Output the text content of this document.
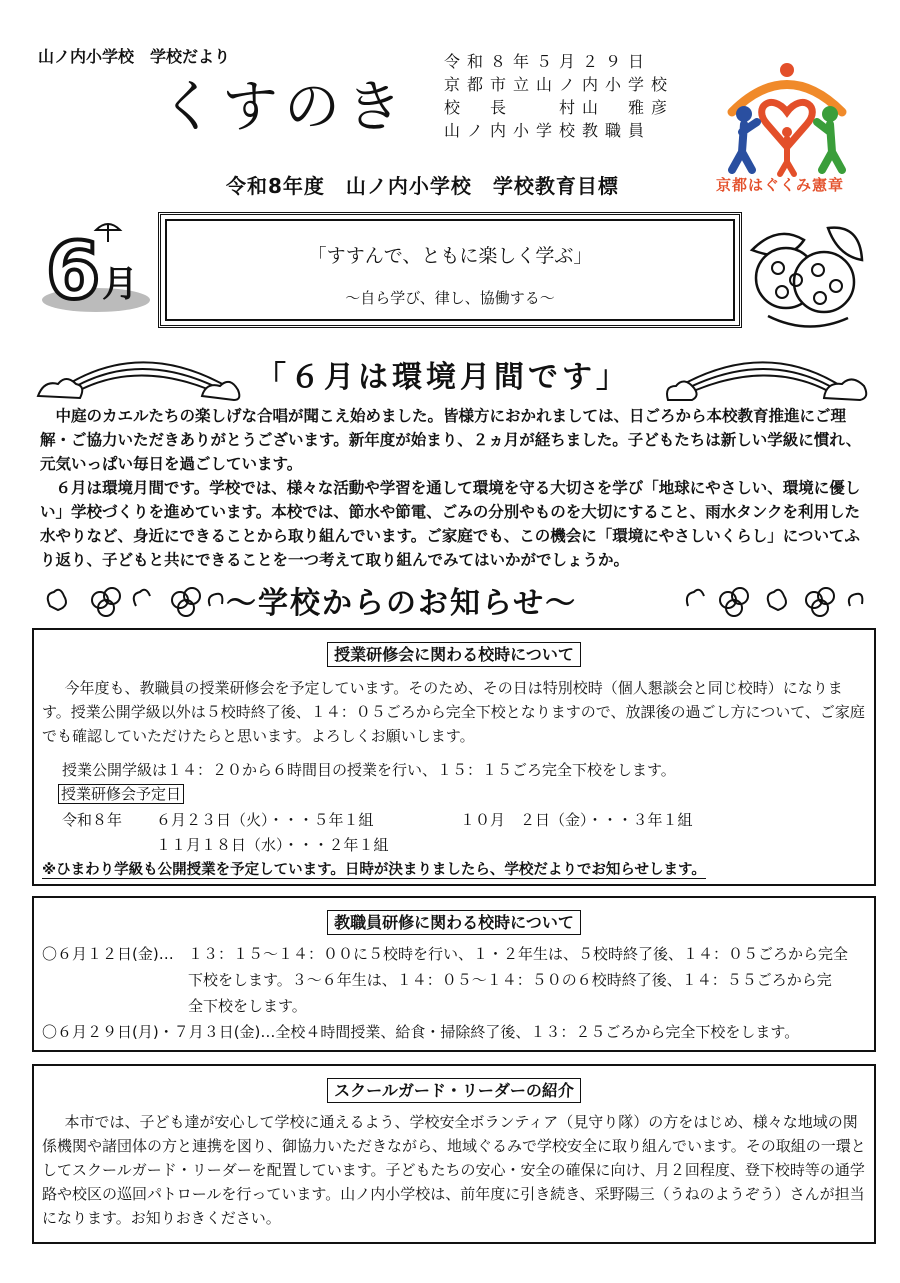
山ノ内小学校　学校だより
くすのき
令和８年５月２９日
京都市立山ノ内小学校
校　長　　村山　雅彦
山ノ内小学校教職員
京都はぐくみ憲章
令和8年度　山ノ内小学校　学校教育目標
6 月
「すすんで、ともに楽しく学ぶ」
～自ら学び、律し、協働する～
「６月は環境月間です」
中庭のカエルたちの楽しげな合唱が聞こえ始めました。皆様方におかれましては、日ごろから本校教育推進にご理解・ご協力いただきありがとうございます。新年度が始まり、２ヵ月が経ちました。子どもたちは新しい学級に慣れ、元気いっぱい毎日を過ごしています。
６月は環境月間です。学校では、様々な活動や学習を通して環境を守る大切さを学び「地球にやさしい、環境に優しい」学校づくりを進めています。本校では、節水や節電、ごみの分別やものを大切にすること、雨水タンクを利用した水やりなど、身近にできることから取り組んでいます。ご家庭でも、この機会に「環境にやさしいくらし」についてふり返り、子どもと共にできることを一つ考えて取り組んでみてはいかがでしょうか。
～学校からのお知らせ～
授業研修会に関わる校時について
今年度も、教職員の授業研修会を予定しています。そのため、その日は特別校時（個人懇談会と同じ校時）になります。授業公開学級以外は５校時終了後、１４：０５ごろから完全下校となりますので、放課後の過ごし方について、ご家庭でも確認していただけたらと思います。よろしくお願いします。
授業公開学級は１４：２０から６時間目の授業を行い、１５：１５ごろ完全下校をします。
授業研修会予定日
令和８年 ６月２３日（火）・・・５年１組	１０月　２日（金）・・・３年１組
１１月１８日（水）・・・２年１組
※ひまわり学級も公開授業を予定しています。日時が決まりましたら、学校だよりでお知らせします。
教職員研修に関わる校時について
〇６月１２日(金)… １３：１５～１４：００に５校時を行い、１・２年生は、５校時終了後、１４：０５ごろから完全
下校をします。３～６年生は、１４：０５～１４：５０の６校時終了後、１４：５５ごろから完
全下校をします。
〇６月２９日(月)・７月３日(金)…全校４時間授業、給食・掃除終了後、１３：２５ごろから完全下校をします。
スクールガード・リーダーの紹介
本市では、子ども達が安心して学校に通えるよう、学校安全ボランティア（見守り隊）の方をはじめ、様々な地域の関係機関や諸団体の方と連携を図り、御協力いただきながら、地域ぐるみで学校安全に取り組んでいます。その取組の一環としてスクールガード・リーダーを配置しています。子どもたちの安心・安全の確保に向け、月２回程度、登下校時等の通学路や校区の巡回パトロールを行っています。山ノ内小学校は、前年度に引き続き、采野陽三（うねのようぞう）さんが担当になります。お知りおきください。
